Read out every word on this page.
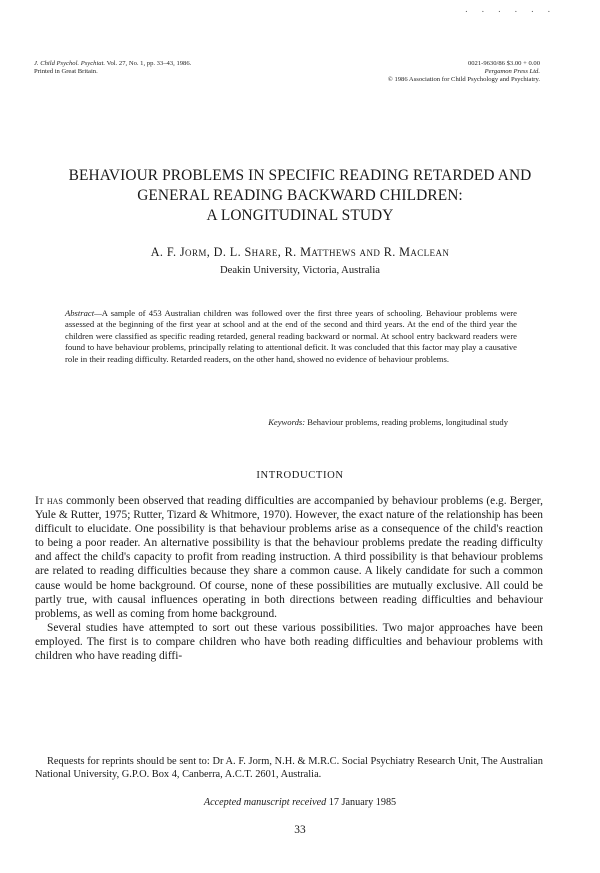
. . . . . .
J. Child Psychol. Psychiat. Vol. 27, No. 1, pp. 33–43, 1986.
Printed in Great Britain.
0021-9630/86 $3.00 + 0.00
Pergamon Press Ltd.
© 1986 Association for Child Psychology and Psychiatry.
BEHAVIOUR PROBLEMS IN SPECIFIC READING RETARDED AND
GENERAL READING BACKWARD CHILDREN:
A LONGITUDINAL STUDY
A. F. Jorm, D. L. Share, R. Matthews and R. Maclean
Deakin University, Victoria, Australia
Abstract—A sample of 453 Australian children was followed over the first three years of schooling. Behaviour problems were assessed at the beginning of the first year at school and at the end of the second and third years. At the end of the third year the children were classified as specific reading retarded, general reading backward or normal. At school entry backward readers were found to have behaviour problems, principally relating to attentional deficit. It was concluded that this factor may play a causative role in their reading difficulty. Retarded readers, on the other hand, showed no evidence of behaviour problems.
Keywords: Behaviour problems, reading problems, longitudinal study
INTRODUCTION

It has commonly been observed that reading difficulties are accompanied by behaviour problems (e.g. Berger, Yule & Rutter, 1975; Rutter, Tizard & Whitmore, 1970). However, the exact nature of the relationship has been difficult to elucidate. One possibility is that behaviour problems arise as a consequence of the child's reaction to being a poor reader. An alternative possibility is that the behaviour problems predate the reading difficulty and affect the child's capacity to profit from reading instruction. A third possibility is that behaviour problems are related to reading difficulties because they share a common cause. A likely candidate for such a common cause would be home background. Of course, none of these possibilities are mutually exclusive. All could be partly true, with causal influences operating in both directions between reading difficulties and behaviour problems, as well as coming from home background.

Several studies have attempted to sort out these various possibilities. Two major approaches have been employed. The first is to compare children who have both reading difficulties and behaviour problems with children who have reading diffi-

Requests for reprints should be sent to: Dr A. F. Jorm, N.H. & M.R.C. Social Psychiatry Research Unit, The Australian National University, G.P.O. Box 4, Canberra, A.C.T. 2601, Australia.
Accepted manuscript received 17 January 1985
33
